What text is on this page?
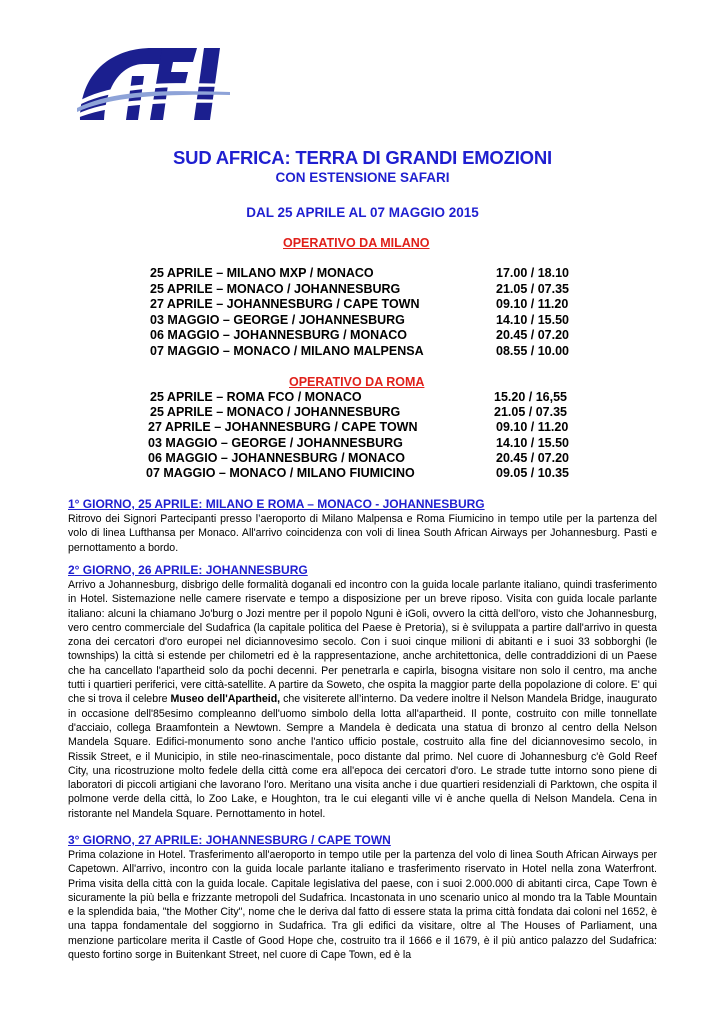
SUD AFRICA: TERRA DI GRANDI EMOZIONI
CON ESTENSIONE SAFARI
DAL 25 APRILE AL 07 MAGGIO 2015
OPERATIVO DA MILANO
25 APRILE – MILANO MXP / MONACO	17.00 / 18.10
25 APRILE – MONACO / JOHANNESBURG	21.05 / 07.35
27 APRILE – JOHANNESBURG / CAPE TOWN	09.10 / 11.20
03 MAGGIO – GEORGE / JOHANNESBURG	14.10 / 15.50
06 MAGGIO – JOHANNESBURG / MONACO	20.45 / 07.20
07 MAGGIO – MONACO / MILANO MALPENSA	08.55 / 10.00
OPERATIVO DA ROMA
25 APRILE – ROMA FCO / MONACO	15.20 / 16,55
25 APRILE – MONACO / JOHANNESBURG	21.05 / 07.35
27 APRILE – JOHANNESBURG / CAPE TOWN	09.10 / 11.20
03 MAGGIO – GEORGE / JOHANNESBURG	14.10 / 15.50
06 MAGGIO – JOHANNESBURG / MONACO	20.45 / 07.20
07 MAGGIO – MONACO / MILANO FIUMICINO	09.05 / 10.35
1° GIORNO, 25 APRILE: MILANO E ROMA – MONACO - JOHANNESBURG

Ritrovo dei Signori Partecipanti presso l’aeroporto di Milano Malpensa e Roma Fiumicino in tempo utile per la partenza del volo di linea Lufthansa per Monaco. All'arrivo coincidenza con voli di linea South African Airways per Johannesburg. Pasti e pernottamento a bordo.

2° GIORNO, 26 APRILE: JOHANNESBURG

Arrivo a Johannesburg, disbrigo delle formalità doganali ed incontro con la guida locale parlante italiano, quindi trasferimento in Hotel. Sistemazione nelle camere riservate e tempo a disposizione per un breve riposo. Visita con guida locale parlante italiano: alcuni la chiamano Jo'burg o Jozi mentre per il popolo Nguni è iGoli, ovvero la città dell'oro, visto che Johannesburg, vero centro commerciale del Sudafrica (la capitale politica del Paese è Pretoria), si è sviluppata a partire dall'arrivo in questa zona dei cercatori d'oro europei nel diciannovesimo secolo. Con i suoi cinque milioni di abitanti e i suoi 33 sobborghi (le townships) la città si estende per chilometri ed è la rappresentazione, anche architettonica, delle contraddizioni di un Paese che ha cancellato l'apartheid solo da pochi decenni. Per penetrarla e capirla, bisogna visitare non solo il centro, ma anche tutti i quartieri periferici, vere città-satellite. A partire da Soweto, che ospita la maggior parte della popolazione di colore. E' qui che si trova il celebre Museo dell'Apartheid, che visiterete all’interno. Da vedere inoltre il Nelson Mandela Bridge, inaugurato in occasione dell'85esimo compleanno dell'uomo simbolo della lotta all'apartheid. Il ponte, costruito con mille tonnellate d'acciaio, collega Braamfontein a Newtown. Sempre a Mandela è dedicata una statua di bronzo al centro della Nelson Mandela Square. Edifici-monumento sono anche l'antico ufficio postale, costruito alla fine del diciannovesimo secolo, in Rissik Street, e il Municipio, in stile neo-rinascimentale, poco distante dal primo. Nel cuore di Johannesburg c'è Gold Reef City, una ricostruzione molto fedele della città come era all'epoca dei cercatori d'oro. Le strade tutte intorno sono piene di laboratori di piccoli artigiani che lavorano l'oro. Meritano una visita anche i due quartieri residenziali di Parktown, che ospita il polmone verde della città, lo Zoo Lake, e Houghton, tra le cui eleganti ville vi è anche quella di Nelson Mandela. Cena in ristorante nel Mandela Square. Pernottamento in hotel.

3° GIORNO, 27 APRILE: JOHANNESBURG / CAPE TOWN

Prima colazione in Hotel. Trasferimento all'aeroporto in tempo utile per la partenza del volo di linea South African Airways per Capetown. All'arrivo, incontro con la guida locale parlante italiano e trasferimento riservato in Hotel nella zona Waterfront. Prima visita della città con la guida locale. Capitale legislativa del paese, con i suoi 2.000.000 di abitanti circa, Cape Town è sicuramente la più bella e frizzante metropoli del Sudafrica. Incastonata in uno scenario unico al mondo tra la Table Mountain e la splendida baia, "the Mother City", nome che le deriva dal fatto di essere stata la prima città fondata dai coloni nel 1652, è una tappa fondamentale del soggiorno in Sudafrica. Tra gli edifici da visitare, oltre al The Houses of Parliament, una menzione particolare merita il Castle of Good Hope che, costruito tra il 1666 e il 1679, è il più antico palazzo del Sudafrica: questo fortino sorge in Buitenkant Street, nel cuore di Cape Town, ed è la
